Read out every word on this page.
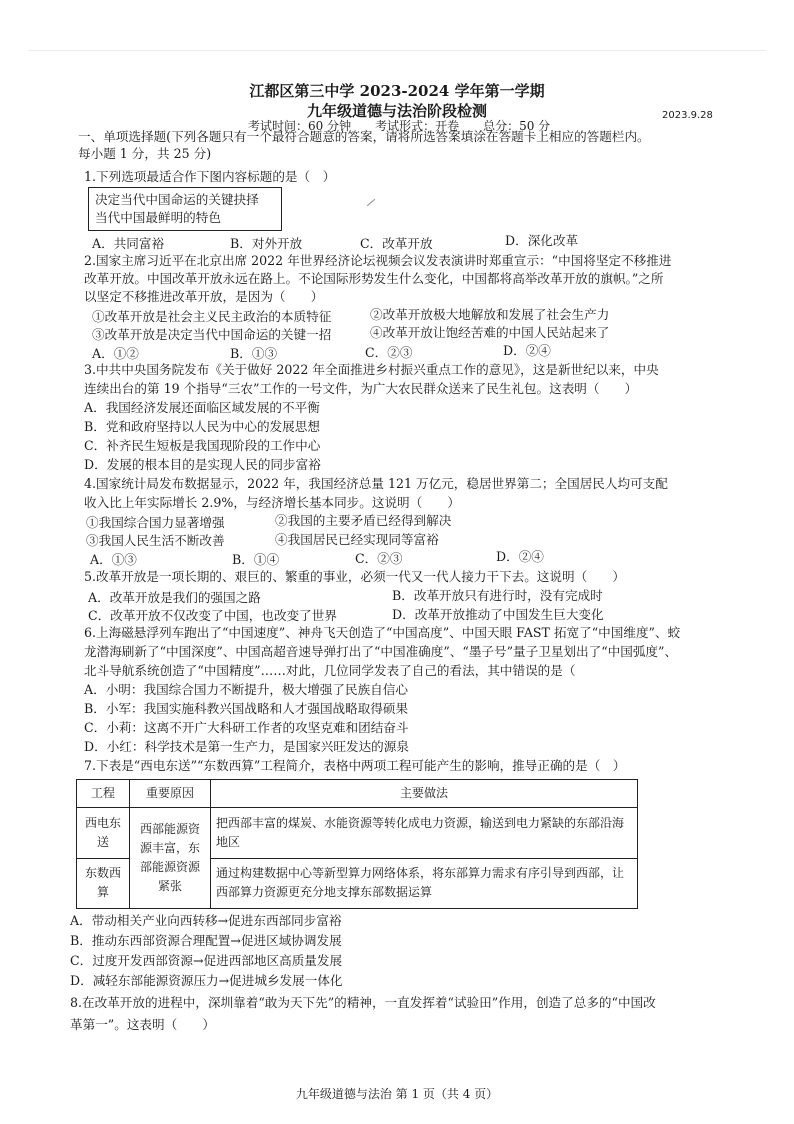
江都区第三中学 2023-2024 学年第一学期
九年级道德与法治阶段检测	2023.9.28
考试时间：60 分钟　　考试形式：开卷　　总分：50 分
一、单项选择题(下列各题只有一个最符合题意的答案，请将所选答案填涂在答题卡上相应的答题栏内。
每小题 1 分，共 25 分)
1.下列选项最适合作下图内容标题的是（　）
决定当代中国命运的关键抉择
当代中国最鲜明的特色
A．共同富裕	B．对外开放	C．改革开放	D．深化改革
2.国家主席习近平在北京出席 2022 年世界经济论坛视频会议发表演讲时郑重宣示：“中国将坚定不移推进
改革开放。中国改革开放永远在路上。不论国际形势发生什么变化，中国都将高举改革开放的旗帜。”之所
以坚定不移推进改革开放，是因为（　　）
①改革开放是社会主义民主政治的本质特征	②改革开放极大地解放和发展了社会生产力
③改革开放是决定当代中国命运的关键一招	④改革开放让饱经苦难的中国人民站起来了
A．①②	B．①③	C．②③	D．②④
3.中共中央国务院发布《关于做好 2022 年全面推进乡村振兴重点工作的意见》，这是新世纪以来，中央
连续出台的第 19 个指导“三农”工作的一号文件，为广大农民群众送来了民生礼包。这表明（　　）
A．我国经济发展还面临区域发展的不平衡
B．党和政府坚持以人民为中心的发展思想
C．补齐民生短板是我国现阶段的工作中心
D．发展的根本目的是实现人民的同步富裕
4.国家统计局发布数据显示，2022 年，我国经济总量 121 万亿元，稳居世界第二；全国居民人均可支配
收入比上年实际增长 2.9%，与经济增长基本同步。这说明（　　）
①我国综合国力显著增强	②我国的主要矛盾已经得到解决
③我国人民生活不断改善	④我国居民已经实现同等富裕
A．①③	B．①④	C．②③	D．②④
5.改革开放是一项长期的、艰巨的、繁重的事业，必须一代又一代人接力干下去。这说明（　　）
A．改革开放是我们的强国之路	B．改革开放只有进行时，没有完成时
C．改革开放不仅改变了中国，也改变了世界	D．改革开放推动了中国发生巨大变化
6.上海磁悬浮列车跑出了“中国速度”、神舟飞天创造了“中国高度”、中国天眼 FAST 拓宽了“中国维度”、蛟
龙潜海刷新了“中国深度”、中国高超音速导弹打出了“中国准确度”、“墨子号”量子卫星划出了“中国弧度”、
北斗导航系统创造了“中国精度”……对此，几位同学发表了自己的看法，其中错误的是（
A．小明：我国综合国力不断提升，极大增强了民族自信心
B．小军：我国实施科教兴国战略和人才强国战略取得硕果
C．小莉：这离不开广大科研工作者的攻坚克难和团结奋斗
D．小红：科学技术是第一生产力，是国家兴旺发达的源泉
7.下表是“西电东送”“东数西算”工程简介，表格中两项工程可能产生的影响，推导正确的是（　）
工程	重要原因	主要做法
西电东送	西部能源资源丰富，东部能源资源紧张	把西部丰富的煤炭、水能资源等转化成电力资源，输送到电力紧缺的东部沿海地区
东数西算		通过构建数据中心等新型算力网络体系，将东部算力需求有序引导到西部，让西部算力资源更充分地支撑东部数据运算
A．带动相关产业向西转移→促进东西部同步富裕
B．推动东西部资源合理配置→促进区域协调发展
C．过度开发西部资源→促进西部地区高质量发展
D．减轻东部能源资源压力→促进城乡发展一体化
8.在改革开放的进程中，深圳靠着“敢为天下先”的精神，一直发挥着“试验田”作用，创造了总多的“中国改
革第一”。这表明（　　）
九年级道德与法治 第 1 页（共 4 页）
